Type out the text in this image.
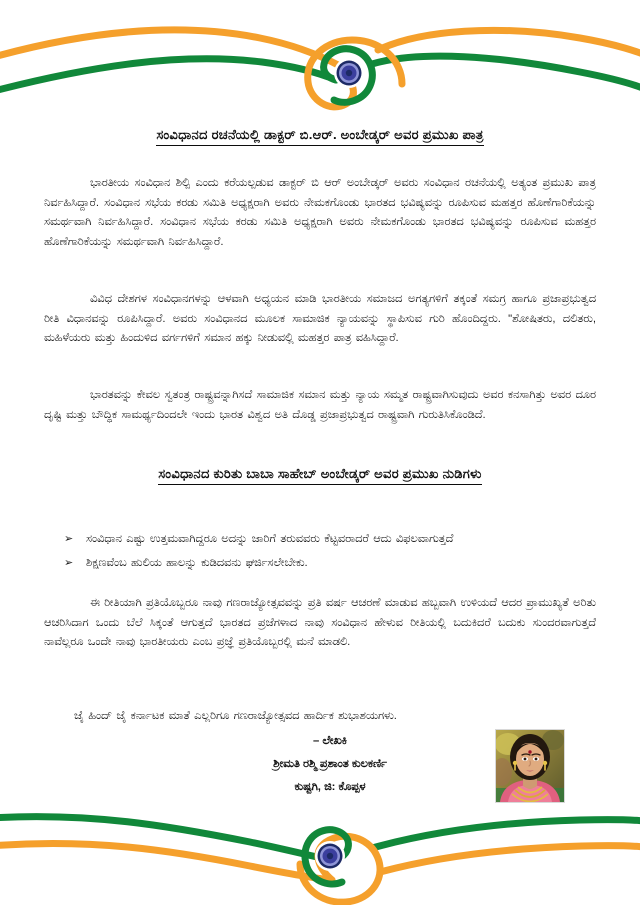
ಸಂವಿಧಾನದ ರಚನೆಯಲ್ಲಿ ಡಾಕ್ಟರ್ ಬಿ.ಆರ್. ಅಂಬೇಡ್ಕರ್ ಅವರ ಪ್ರಮುಖ ಪಾತ್ರ

ಭಾರತೀಯ ಸಂವಿಧಾನ ಶಿಲ್ಪಿ ಎಂದು ಕರೆಯಲ್ಪಡುವ ಡಾಕ್ಟರ್ ಬಿ ಆರ್ ಅಂಬೇಡ್ಕರ್ ಅವರು ಸಂವಿಧಾನ ರಚನೆಯಲ್ಲಿ ಅತ್ಯಂತ ಪ್ರಮುಖ ಪಾತ್ರ ನಿರ್ವಹಿಸಿದ್ದಾರೆ. ಸಂವಿಧಾನ ಸಭೆಯ ಕರಡು ಸಮಿತಿ ಅಧ್ಯಕ್ಷರಾಗಿ ಅವರು ನೇಮಕಗೊಂಡು ಭಾರತದ ಭವಿಷ್ಯವನ್ನು ರೂಪಿಸುವ ಮಹತ್ತರ ಹೊಣೆಗಾರಿಕೆಯನ್ನು ಸಮರ್ಥವಾಗಿ ನಿರ್ವಹಿಸಿದ್ದಾರೆ. ಸಂವಿಧಾನ ಸಭೆಯ ಕರಡು ಸಮಿತಿ ಅಧ್ಯಕ್ಷರಾಗಿ ಅವರು ನೇಮಕಗೊಂಡು ಭಾರತದ ಭವಿಷ್ಯವನ್ನು ರೂಪಿಸುವ ಮಹತ್ತರ ಹೊಣೆಗಾರಿಕೆಯನ್ನು ಸಮರ್ಥವಾಗಿ ನಿರ್ವಹಿಸಿದ್ದಾರೆ.

ವಿವಿಧ ದೇಶಗಳ ಸಂವಿಧಾನಗಳನ್ನು ಆಳವಾಗಿ ಅಧ್ಯಯನ ಮಾಡಿ ಭಾರತೀಯ ಸಮಾಜದ ಅಗತ್ಯಗಳಿಗೆ ತಕ್ಕಂತೆ ಸಮಗ್ರ ಹಾಗೂ ಪ್ರಜಾಪ್ರಭುತ್ವದ ರೀತಿ ವಿಧಾನವನ್ನು ರೂಪಿಸಿದ್ದಾರೆ. ಅವರು ಸಂವಿಧಾನದ ಮೂಲಕ ಸಾಮಾಜಿಕ ನ್ಯಾಯವನ್ನು ಸ್ಥಾಪಿಸುವ ಗುರಿ ಹೊಂದಿದ್ದರು. "ಶೋಷಿತರು, ದಲಿತರು, ಮಹಿಳೆಯರು ಮತ್ತು ಹಿಂದುಳಿದ ವರ್ಗಗಳಿಗೆ ಸಮಾನ ಹಕ್ಕು ನೀಡುವಲ್ಲಿ ಮಹತ್ತರ ಪಾತ್ರ ವಹಿಸಿದ್ದಾರೆ.

ಭಾರತವನ್ನು ಕೇವಲ ಸ್ವತಂತ್ರ ರಾಷ್ಟ್ರವನ್ನಾಗಿಸದೆ ಸಾಮಾಜಿಕ ಸಮಾನ ಮತ್ತು ನ್ಯಾಯ ಸಮ್ಮತ ರಾಷ್ಟ್ರವಾಗಿಸುವುದು ಅವರ ಕನಸಾಗಿತ್ತು ಅವರ ದೂರ ದೃಷ್ಟಿ ಮತ್ತು ಬೌದ್ಧಿಕ ಸಾಮರ್ಥ್ಯದಿಂದಲೇ ಇಂದು ಭಾರತ ವಿಶ್ವದ ಅತಿ ದೊಡ್ಡ ಪ್ರಜಾಪ್ರಭುತ್ವದ ರಾಷ್ಟ್ರವಾಗಿ ಗುರುತಿಸಿಕೊಂಡಿದೆ.

ಸಂವಿಧಾನದ ಕುರಿತು ಬಾಬಾ ಸಾಹೇಬ್ ಅಂಬೇಡ್ಕರ್ ಅವರ ಪ್ರಮುಖ ನುಡಿಗಳು
➢	ಸಂವಿಧಾನ ಎಷ್ಟು ಉತ್ತಮವಾಗಿದ್ದರೂ ಅದನ್ನು ಜಾರಿಗೆ ತರುವವರು ಕೆಟ್ಟವರಾದರೆ ಆದು ವಿಫಲವಾಗುತ್ತದೆ
➢	ಶಿಕ್ಷಣವೆಂಬ ಹುಲಿಯ ಹಾಲನ್ನು ಕುಡಿದವನು ಘರ್ಜಿಸಲೇಬೇಕು.

ಈ ರೀತಿಯಾಗಿ ಪ್ರತಿಯೊಬ್ಬರೂ ನಾವು ಗಣರಾಜ್ಯೋತ್ಸವವನ್ನು ಪ್ರತಿ ವರ್ಷ ಆಚರಣೆ ಮಾಡುವ ಹಬ್ಬವಾಗಿ ಉಳಿಯದೆ ಆದರ ಪ್ರಾಮುಖ್ಯತೆ ಅರಿತು ಆಚರಿಸಿದಾಗ ಒಂದು ಬೆಲೆ ಸಿಕ್ಕಂತೆ ಆಗುತ್ತದೆ ಭಾರತದ ಪ್ರಜೆಗಳಾದ ನಾವು ಸಂವಿಧಾನ ಹೇಳುವ ರೀತಿಯಲ್ಲಿ ಬದುಕಿದರೆ ಬದುಕು ಸುಂದರವಾಗುತ್ತದೆ ನಾವೆಲ್ಲರೂ ಒಂದೇ ನಾವು ಭಾರತೀಯರು ಎಂಬ ಪ್ರಜ್ಞೆ ಪ್ರತಿಯೊಬ್ಬರಲ್ಲಿ ಮನೆ ಮಾಡಲಿ.

ಜೈ ಹಿಂದ್ ಜೈ ಕರ್ನಾಟಕ ಮಾತೆ ಎಲ್ಲರಿಗೂ ಗಣರಾಜ್ಯೋತ್ಸವದ ಹಾರ್ದಿಕ ಶುಭಾಶಯಗಳು.

– ಲೇಖಕಿ
ಶ್ರೀಮತಿ ರಶ್ಮಿ ಪ್ರಶಾಂತ ಕುಲಕರ್ಣಿ
ಕುಷ್ಟಗಿ, ಜಿ: ಕೊಪ್ಪಳ
